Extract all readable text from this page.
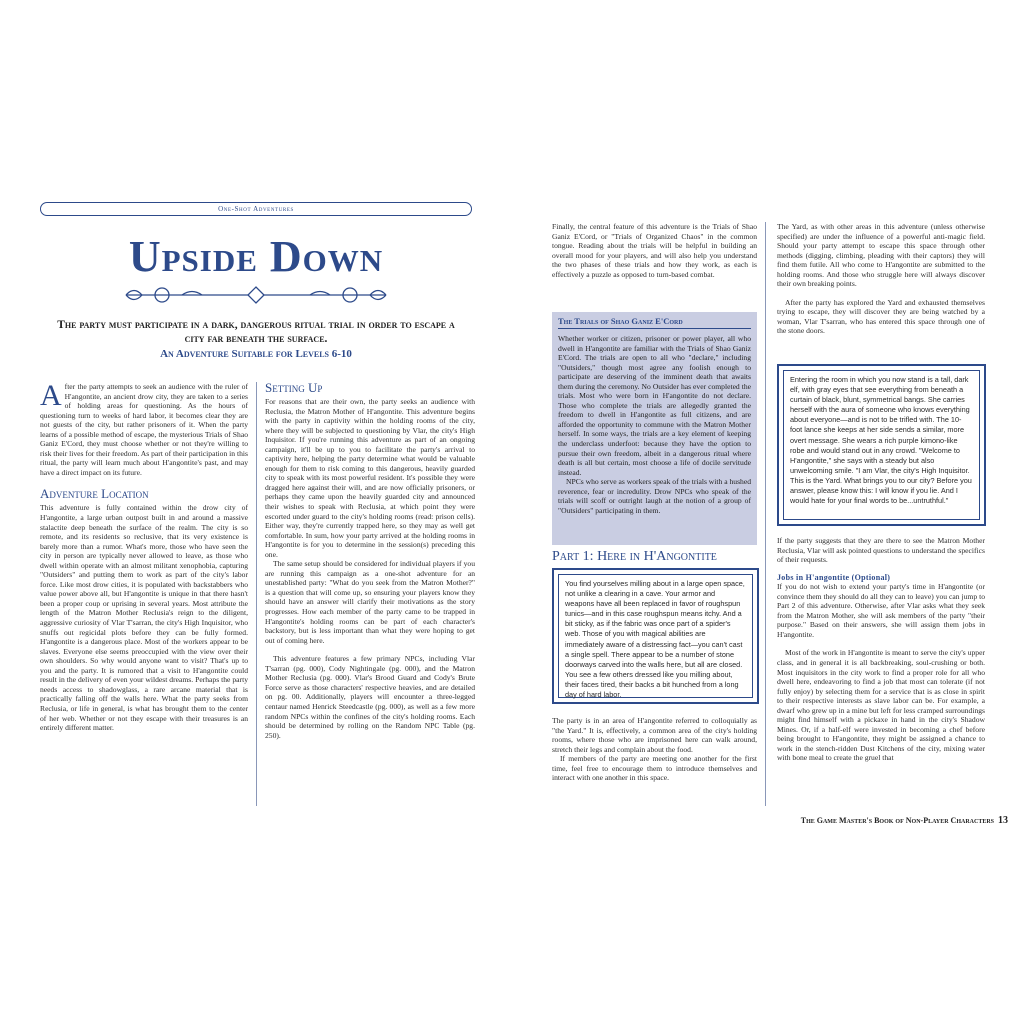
One-Shot Adventures
Upside Down
The party must participate in a dark, dangerous ritual trial in order to escape a city far beneath the surface.
An Adventure Suitable for Levels 6-10

After the party attempts to seek an audience with the ruler of H'angontite, an ancient drow city, they are taken to a series of holding areas for questioning. As the hours of questioning turn to weeks of hard labor, it becomes clear they are not guests of the city, but rather prisoners of it. When the party learns of a possible method of escape, the mysterious Trials of Shao Ganiz E'Cord, they must choose whether or not they're willing to risk their lives for their freedom. As part of their participation in this ritual, the party will learn much about H'angontite's past, and may have a direct impact on its future.

Adventure Location

This adventure is fully contained within the drow city of H'angontite, a large urban outpost built in and around a massive stalactite deep beneath the surface of the realm. The city is so remote, and its residents so reclusive, that its very existence is barely more than a rumor. What's more, those who have seen the city in person are typically never allowed to leave, as those who dwell within operate with an almost militant xenophobia, capturing "Outsiders" and putting them to work as part of the city's labor force. Like most drow cities, it is populated with backstabbers who value power above all, but H'angontite is unique in that there hasn't been a proper coup or uprising in several years. Most attribute the length of the Matron Mother Reclusia's reign to the diligent, aggressive curiosity of Vlar T'sarran, the city's High Inquisitor, who snuffs out regicidal plots before they can be fully formed. H'angontite is a dangerous place. Most of the workers appear to be slaves. Everyone else seems preoccupied with the view over their own shoulders. So why would anyone want to visit? That's up to you and the party. It is rumored that a visit to H'angontite could result in the delivery of even your wildest dreams. Perhaps the party needs access to shadowglass, a rare arcane material that is practically falling off the walls here. What the party seeks from Reclusia, or life in general, is what has brought them to the center of her web. Whether or not they escape with their treasures is an entirely different matter.

Setting Up

For reasons that are their own, the party seeks an audience with Reclusia, the Matron Mother of H'angontite. This adventure begins with the party in captivity within the holding rooms of the city, where they will be subjected to questioning by Vlar, the city's High Inquisitor. If you're running this adventure as part of an ongoing campaign, it'll be up to you to facilitate the party's arrival to captivity here, helping the party determine what would be valuable enough for them to risk coming to this dangerous, heavily guarded city to speak with its most powerful resident. It's possible they were dragged here against their will, and are now officially prisoners, or perhaps they came upon the heavily guarded city and announced their wishes to speak with Reclusia, at which point they were escorted under guard to the city's holding rooms (read: prison cells). Either way, they're currently trapped here, so they may as well get comfortable. In sum, how your party arrived at the holding rooms in H'angontite is for you to determine in the session(s) preceding this one.

The same setup should be considered for individual players if you are running this campaign as a one-shot adventure for an unestablished party: "What do you seek from the Matron Mother?" is a question that will come up, so ensuring your players know they should have an answer will clarify their motivations as the story progresses. How each member of the party came to be trapped in H'angontite's holding rooms can be part of each character's backstory, but is less important than what they were hoping to get out of coming here.

This adventure features a few primary NPCs, including Vlar T'sarran (pg. 000), Cody Nightingale (pg. 000), and the Matron Mother Reclusia (pg. 000). Vlar's Brood Guard and Cody's Brute Force serve as those characters' respective heavies, and are detailed on pg. 00. Additionally, players will encounter a three-legged centaur named Henrick Steedcastle (pg. 000), as well as a few more random NPCs within the confines of the city's holding rooms. Each should be determined by rolling on the Random NPC Table (pg. 250).

Finally, the central feature of this adventure is the Trials of Shao Ganiz E'Cord, or "Trials of Organized Chaos" in the common tongue. Reading about the trials will be helpful in building an overall mood for your players, and will also help you understand the two phases of these trials and how they work, as each is effectively a puzzle as opposed to turn-based combat.

The Trials of Shao Ganiz E'Cord

Whether worker or citizen, prisoner or power player, all who dwell in H'angontite are familiar with the Trials of Shao Ganiz E'Cord. The trials are open to all who "declare," including "Outsiders," though most agree any foolish enough to participate are deserving of the imminent death that awaits them during the ceremony. No Outsider has ever completed the trials. Most who were born in H'angontite do not declare. Those who complete the trials are allegedly granted the freedom to dwell in H'angontite as full citizens, and are afforded the opportunity to commune with the Matron Mother herself. In some ways, the trials are a key element of keeping the underclass underfoot: because they have the option to pursue their own freedom, albeit in a dangerous ritual where death is all but certain, most choose a life of docile servitude instead.

NPCs who serve as workers speak of the trials with a hushed reverence, fear or incredulity. Drow NPCs who speak of the trials will scoff or outright laugh at the notion of a group of "Outsiders" participating in them.

Part 1: Here in H'Angontite
You find yourselves milling about in a large open space, not unlike a clearing in a cave. Your armor and weapons have all been replaced in favor of roughspun tunics—and in this case roughspun means itchy. And a bit sticky, as if the fabric was once part of a spider's web. Those of you with magical abilities are immediately aware of a distressing fact—you can't cast a single spell. There appear to be a number of stone doorways carved into the walls here, but all are closed. You see a few others dressed like you milling about, their faces tired, their backs a bit hunched from a long day of hard labor.

The party is in an area of H'angontite referred to colloquially as "the Yard." It is, effectively, a common area of the city's holding rooms, where those who are imprisoned here can walk around, stretch their legs and complain about the food.

If members of the party are meeting one another for the first time, feel free to encourage them to introduce themselves and interact with one another in this space.

The Yard, as with other areas in this adventure (unless otherwise specified) are under the influence of a powerful anti-magic field. Should your party attempt to escape this space through other methods (digging, climbing, pleading with their captors) they will find them futile. All who come to H'angontite are submitted to the holding rooms. And those who struggle here will always discover their own breaking points.

After the party has explored the Yard and exhausted themselves trying to escape, they will discover they are being watched by a woman, Vlar T'sarran, who has entered this space through one of the stone doors.

Entering the room in which you now stand is a tall, dark elf, with gray eyes that see everything from beneath a curtain of black, blunt, symmetrical bangs. She carries herself with the aura of someone who knows everything about everyone—and is not to be trifled with. The 10-foot lance she keeps at her side sends a similar, more overt message. She wears a rich purple kimono-like robe and would stand out in any crowd. "Welcome to H'angontite," she says with a steady but also unwelcoming smile. "I am Vlar, the city's High Inquisitor. This is the Yard. What brings you to our city? Before you answer, please know this: I will know if you lie. And I would hate for your final words to be...untruthful."

If the party suggests that they are there to see the Matron Mother Reclusia, Vlar will ask pointed questions to understand the specifics of their requests.

Jobs in H'angontite (Optional)

If you do not wish to extend your party's time in H'angontite (or convince them they should do all they can to leave) you can jump to Part 2 of this adventure. Otherwise, after Vlar asks what they seek from the Matron Mother, she will ask members of the party "their purpose." Based on their answers, she will assign them jobs in H'angontite.

Most of the work in H'angontite is meant to serve the city's upper class, and in general it is all backbreaking, soul-crushing or both. Most inquisitors in the city work to find a proper role for all who dwell here, endeavoring to find a job that most can tolerate (if not fully enjoy) by selecting them for a service that is as close in spirit to their respective interests as slave labor can be. For example, a dwarf who grew up in a mine but left for less cramped surroundings might find himself with a pickaxe in hand in the city's Shadow Mines. Or, if a half-elf were invested in becoming a chef before being brought to H'angontite, they might be assigned a chance to work in the stench-ridden Dust Kitchens of the city, mixing water with bone meal to create the gruel that

The Game Master's Book of Non-Player Characters 13
